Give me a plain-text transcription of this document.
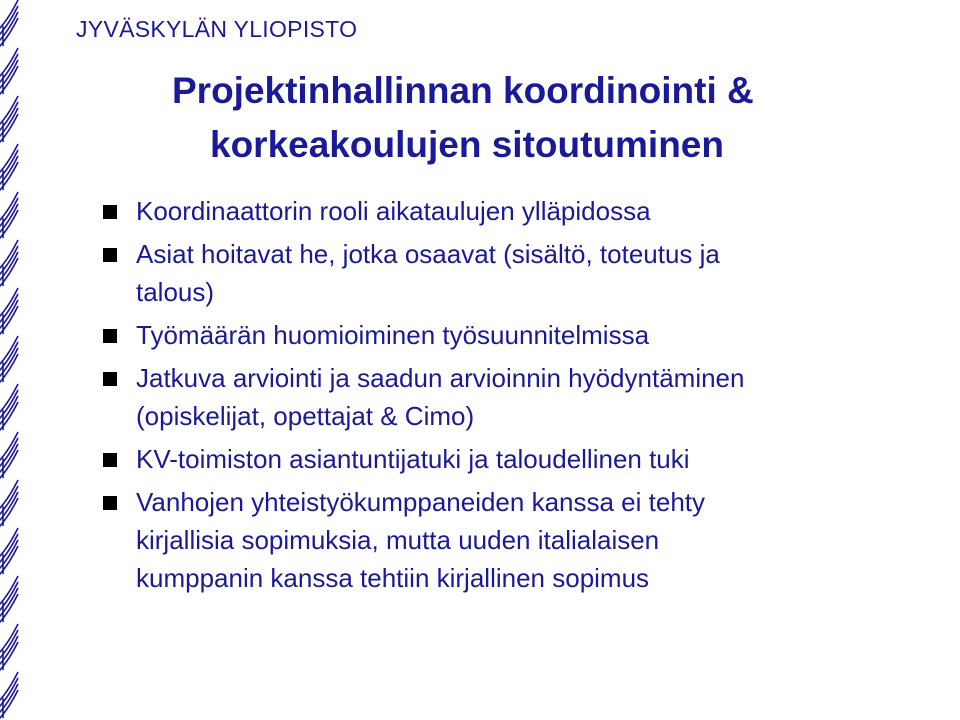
JYVÄSKYLÄN YLIOPISTO
Projektinhallinnan koordinointi &
korkeakoulujen sitoutuminen
Koordinaattorin rooli aikataulujen ylläpidossa
Asiat hoitavat he, jotka osaavat (sisältö, toteutus ja
talous)
Työmäärän huomioiminen työsuunnitelmissa
Jatkuva arviointi ja saadun arvioinnin hyödyntäminen
(opiskelijat, opettajat & Cimo)
KV-toimiston asiantuntijatuki ja taloudellinen tuki
Vanhojen yhteistyökumppaneiden kanssa ei tehty
kirjallisia sopimuksia, mutta uuden italialaisen
kumppanin kanssa tehtiin kirjallinen sopimus
